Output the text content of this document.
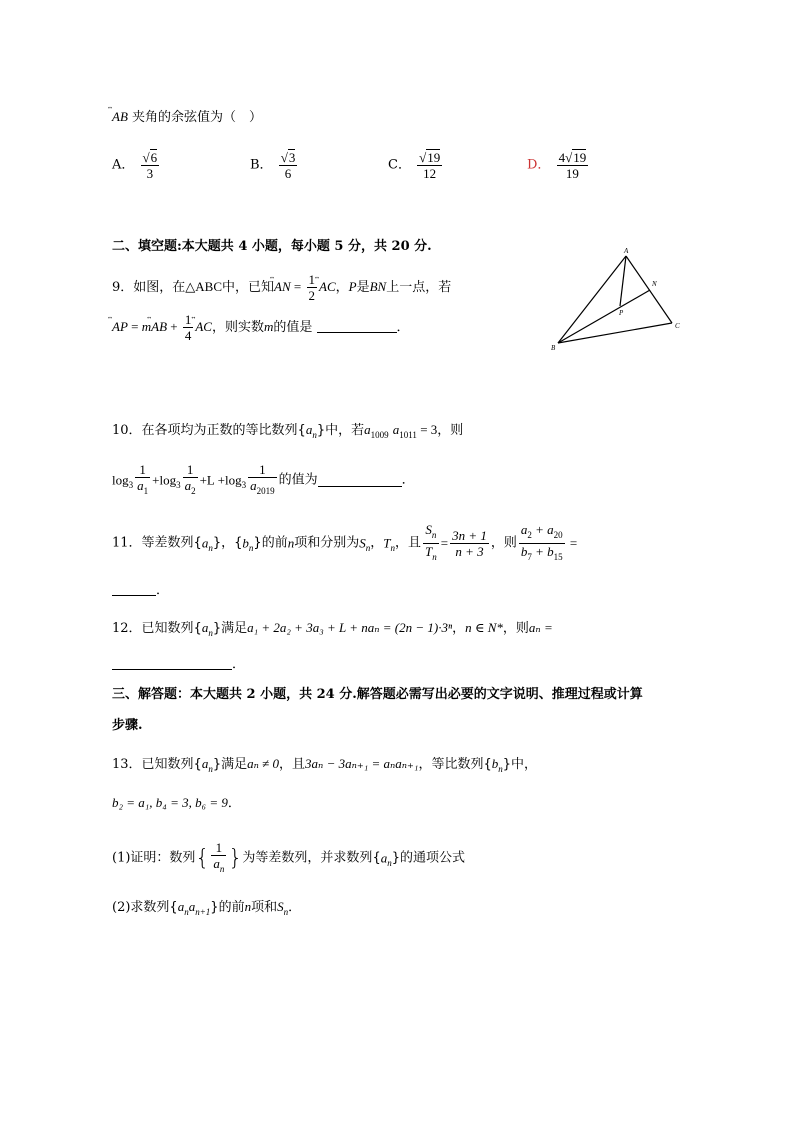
AB 夹角的余弦值为（　）
A． $\frac{√6}{3}$	B． $\frac{√3}{6}$	C． $\frac{√19}{12}$	D． $\frac{4√19}{19}$
二、填空题:本大题共 4 小题，每小题 5 分，共 20 分.
9．如图，在△ABC中，已知
AN = $\frac{1}{2}$ AC，P是BN上一点，若
AP = m
AB + $\frac{1}{4}$ AC，则实数m的值是	．
A
N
P
B
C
10．在各项均为正数的等比数列$\{a_n\}$中，若$a_{1009}$ $a_{1011} = 3$，则
$\log_3 \frac{1}{a_1} +\log_3 \frac{1}{a_2} +L +\log_3 \frac{1}{a_{2019}}$ 的值为	．
11．等差数列$\{a_n\}$，$\{b_n\}$的前n项和分别为$S_n$，$T_n$，且 $\frac{S_n}{T_n} = \frac{3n + 1}{n + 3}$ ，则 $\frac{a_2 + a_{20}}{b_7 + b_{15}}$ =
．
12．已知数列$\{a_n\}$满足a₁ + 2a₂ + 3a₃ + L + naₙ = (2n − 1)·3ⁿ，n ∈ N*，则aₙ =
．
三、解答题：本大题共 2 小题，共 24 分.解答题必需写出必要的文字说明、推理过程或计算
步骤.
13．已知数列$\{a_n\}$满足aₙ ≠ 0，且3aₙ − 3aₙ₊₁ = aₙaₙ₊₁，等比数列$\{b_n\}$中，
b₂ = a₁, b₄ = 3, b₆ = 9．
(1)证明：数列{ $\frac{1}{a_n}$ }为等差数列，并求数列$\{a_n\}$的通项公式
(2)求数列$\{a_na_{n+1}\}$的前n项和$S_n$．
